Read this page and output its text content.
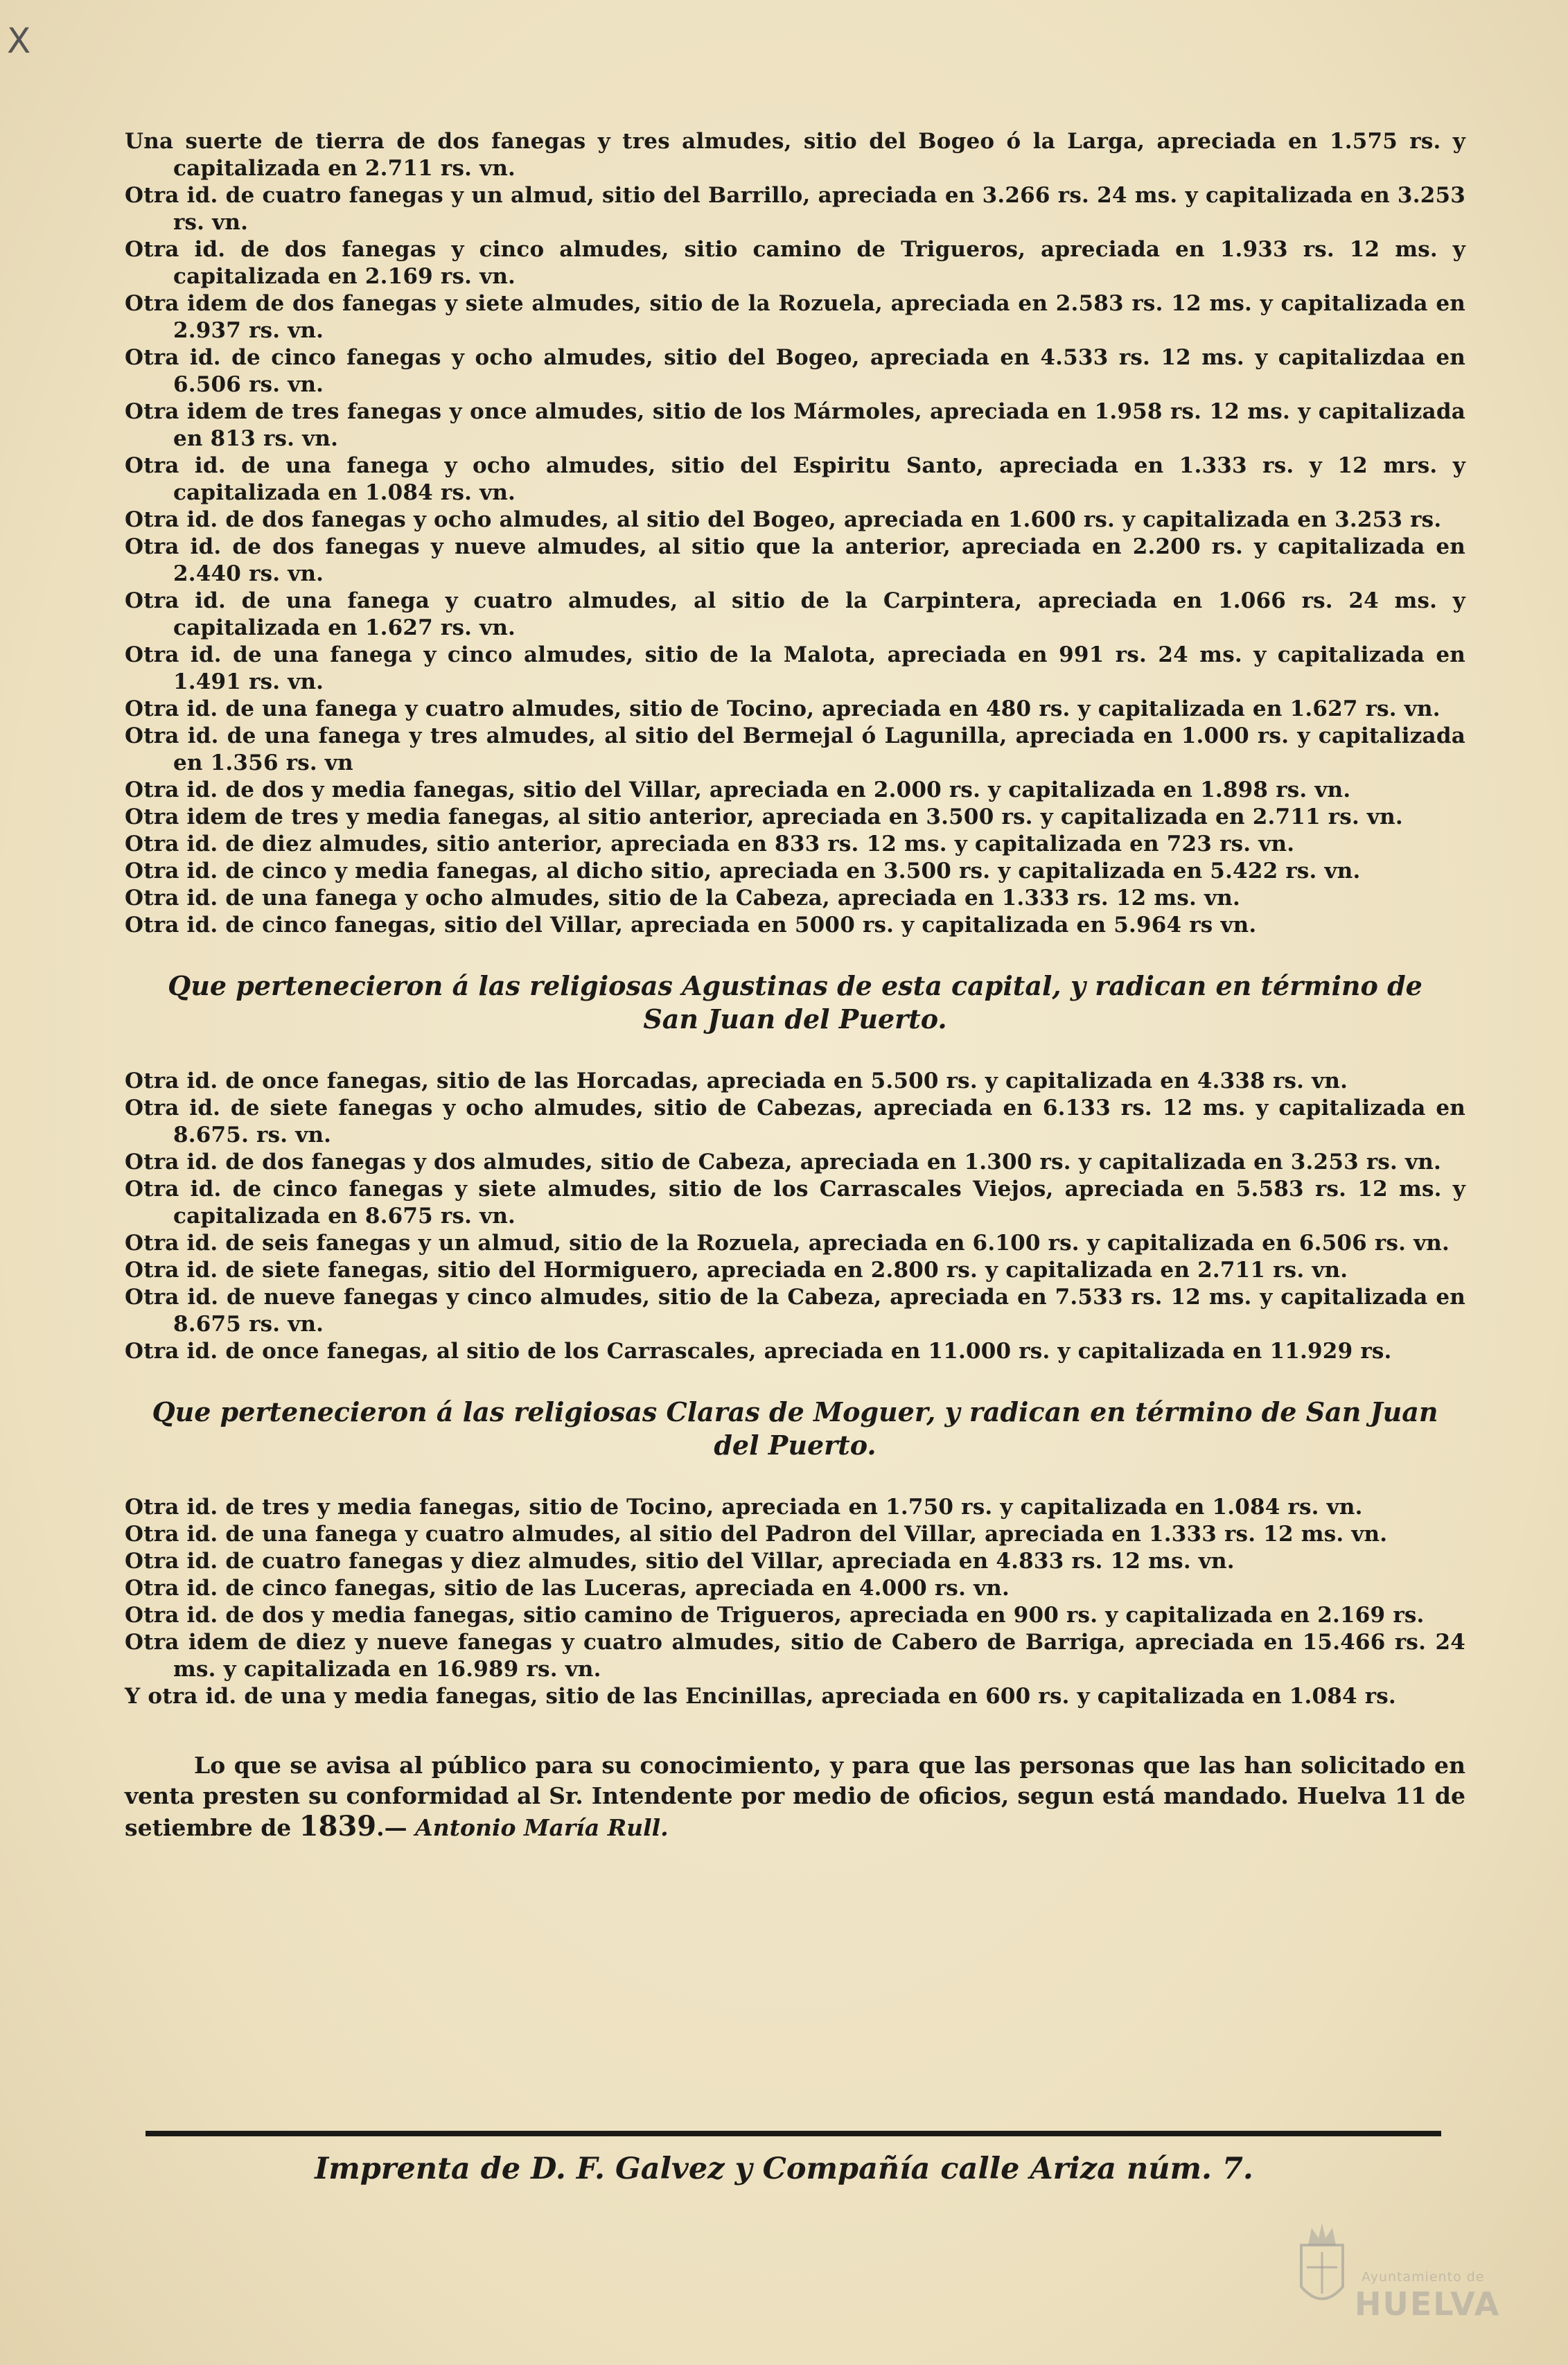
X

Una suerte de tierra de dos fanegas y tres almudes, sitio del Bogeo ó la Larga, apreciada en 1.575 rs. y capitalizada en 2.711 rs. vn.

Otra id. de cuatro fanegas y un almud, sitio del Barrillo, apreciada en 3.266 rs. 24 ms. y capitalizada en 3.253 rs. vn.

Otra id. de dos fanegas y cinco almudes, sitio camino de Trigueros, apreciada en 1.933 rs. 12 ms. y capitalizada en 2.169 rs. vn.

Otra idem de dos fanegas y siete almudes, sitio de la Rozuela, apreciada en 2.583 rs. 12 ms. y capitalizada en 2.937 rs. vn.

Otra id. de cinco fanegas y ocho almudes, sitio del Bogeo, apreciada en 4.533 rs. 12 ms. y capitalizdaa en 6.506 rs. vn.

Otra idem de tres fanegas y once almudes, sitio de los Mármoles, apreciada en 1.958 rs. 12 ms. y capitalizada en 813 rs. vn.

Otra id. de una fanega y ocho almudes, sitio del Espiritu Santo, apreciada en 1.333 rs. y 12 mrs. y capitalizada en 1.084 rs. vn.

Otra id. de dos fanegas y ocho almudes, al sitio del Bogeo, apreciada en 1.600 rs. y capitalizada en 3.253 rs.

Otra id. de dos fanegas y nueve almudes, al sitio que la anterior, apreciada en 2.200 rs. y capitalizada en 2.440 rs. vn.

Otra id. de una fanega y cuatro almudes, al sitio de la Carpintera, apreciada en 1.066 rs. 24 ms. y capitalizada en 1.627 rs. vn.

Otra id. de una fanega y cinco almudes, sitio de la Malota, apreciada en 991 rs. 24 ms. y capitalizada en 1.491 rs. vn.

Otra id. de una fanega y cuatro almudes, sitio de Tocino, apreciada en 480 rs. y capitalizada en 1.627 rs. vn.

Otra id. de una fanega y tres almudes, al sitio del Bermejal ó Lagunilla, apreciada en 1.000 rs. y capitalizada en 1.356 rs. vn

Otra id. de dos y media fanegas, sitio del Villar, apreciada en 2.000 rs. y capitalizada en 1.898 rs. vn.

Otra idem de tres y media fanegas, al sitio anterior, apreciada en 3.500 rs. y capitalizada en 2.711 rs. vn.

Otra id. de diez almudes, sitio anterior, apreciada en 833 rs. 12 ms. y capitalizada en 723 rs. vn.

Otra id. de cinco y media fanegas, al dicho sitio, apreciada en 3.500 rs. y capitalizada en 5.422 rs. vn.

Otra id. de una fanega y ocho almudes, sitio de la Cabeza, apreciada en 1.333 rs. 12 ms. vn.

Otra id. de cinco fanegas, sitio del Villar, apreciada en 5000 rs. y capitalizada en 5.964 rs vn.

Que pertenecieron á las religiosas Agustinas de esta capital, y radican en término de San Juan del Puerto.

Otra id. de once fanegas, sitio de las Horcadas, apreciada en 5.500 rs. y capitalizada en 4.338 rs. vn.

Otra id. de siete fanegas y ocho almudes, sitio de Cabezas, apreciada en 6.133 rs. 12 ms. y capitalizada en 8.675. rs. vn.

Otra id. de dos fanegas y dos almudes, sitio de Cabeza, apreciada en 1.300 rs. y capitalizada en 3.253 rs. vn.

Otra id. de cinco fanegas y siete almudes, sitio de los Carrascales Viejos, apreciada en 5.583 rs. 12 ms. y capitalizada en 8.675 rs. vn.

Otra id. de seis fanegas y un almud, sitio de la Rozuela, apreciada en 6.100 rs. y capitalizada en 6.506 rs. vn.

Otra id. de siete fanegas, sitio del Hormiguero, apreciada en 2.800 rs. y capitalizada en 2.711 rs. vn.

Otra id. de nueve fanegas y cinco almudes, sitio de la Cabeza, apreciada en 7.533 rs. 12 ms. y capitalizada en 8.675 rs. vn.

Otra id. de once fanegas, al sitio de los Carrascales, apreciada en 11.000 rs. y capitalizada en 11.929 rs.

Que pertenecieron á las religiosas Claras de Moguer, y radican en término de San Juan del Puerto.

Otra id. de tres y media fanegas, sitio de Tocino, apreciada en 1.750 rs. y capitalizada en 1.084 rs. vn.

Otra id. de una fanega y cuatro almudes, al sitio del Padron del Villar, apreciada en 1.333 rs. 12 ms. vn.

Otra id. de cuatro fanegas y diez almudes, sitio del Villar, apreciada en 4.833 rs. 12 ms. vn.

Otra id. de cinco fanegas, sitio de las Luceras, apreciada en 4.000 rs. vn.

Otra id. de dos y media fanegas, sitio camino de Trigueros, apreciada en 900 rs. y capitalizada en 2.169 rs.

Otra idem de diez y nueve fanegas y cuatro almudes, sitio de Cabero de Barriga, apreciada en 15.466 rs. 24 ms. y capitalizada en 16.989 rs. vn.

Y otra id. de una y media fanegas, sitio de las Encinillas, apreciada en 600 rs. y capitalizada en 1.084 rs.

Lo que se avisa al público para su conocimiento, y para que las personas que las han solicitado en venta presten su conformidad al Sr. Intendente por medio de oficios, segun está mandado. Huelva 11 de setiembre de 1839.— Antonio María Rull.

Imprenta de D. F. Galvez y Compañía calle Ariza núm. 7.
Ayuntamiento de
HUELVA
